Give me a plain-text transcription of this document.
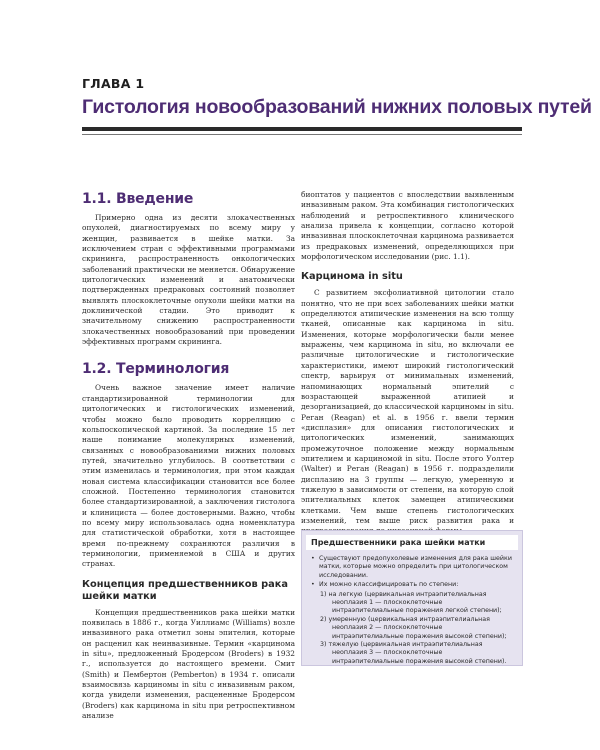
ГЛАВА 1
Гистология новообразований нижних половых путей
1.1. Введение

Примерно одна из десяти злокачественных опухолей, диагностируемых по всему миру у женщин, развивается в шейке матки. За исключением стран с эффективными программами скрининга, распространенность онкологических заболеваний практически не меняется. Обнаружение цитологических изменений и анатомически подтвержденных предраковых состояний позволяет выявлять плоскоклеточные опухоли шейки матки на доклинической стадии. Это приводит к значительному снижению распространенности злокачественных новообразований при проведении эффективных программ скрининга.

1.2. Терминология

Очень важное значение имеет наличие стандартизированной терминологии для цитологических и гистологических изменений, чтобы можно было проводить корреляцию с кольпоскопической картиной. За последние 15 лет наше понимание молекулярных изменений, связанных с новообразованиями нижних половых путей, значительно углубилось. В соответствии с этим изменилась и терминология, при этом каждая новая система классификации становится все более сложной. Постепенно терминология становится более стандартизированной, а заключения гистолога и клинициста — более достоверными. Важно, чтобы по всему миру использовалась одна номенклатура для статистической обработки, хотя в настоящее время по-прежнему сохраняются различия в терминологии, применяемой в США и других странах.

Концепция предшественников рака шейки матки

Концепция предшественников рака шейки матки появилась в 1886 г., когда Уиллиамс (Williams) возле инвазивного рака отметил зоны эпителия, которые он расценил как неинвазивные. Термин «карцинома in situ», предложенный Бродерсом (Broders) в 1932 г., используется до настоящего времени. Смит (Smith) и Пембертон (Pemberton) в 1934 г. описали взаимосвязь карциномы in situ с инвазивным раком, когда увидели изменения, расцененные Бродерсом (Broders) как карцинома in situ при ретроспективном анализе

биоптатов у пациентов с впоследствии выявленным инвазивным раком. Эта комбинация гистологических наблюдений и ретроспективного клинического анализа привела к концепции, согласно которой инвазивная плоскоклеточная карцинома развивается из предраковых изменений, определяющихся при морфологическом исследовании (рис. 1.1).

Карцинома in situ

С развитием эксфолиативной цитологии стало понятно, что не при всех заболеваниях шейки матки определяются атипические изменения на всю толщу тканей, описанные как карцинома in situ. Изменения, которые морфологически были менее выражены, чем карцинома in situ, но включали ее различные цитологические и гистологические характеристики, имеют широкий гистологический спектр, варьируя от минимальных изменений, напоминающих нормальный эпителий с возрастающей выраженной атипией и дезорганизацией, до классической карциномы in situ. Реган (Reagan) et al. в 1956 г. ввели термин «дисплазия» для описания гистологических и цитологических изменений, занимающих промежуточное положение между нормальным эпителием и карциномой in situ. После этого Уолтер (Walter) и Реган (Reagan) в 1956 г. подразделили дисплазию на 3 группы — легкую, умеренную и тяжелую в зависимости от степени, на которую слой эпителиальных клеток замещен атипическими клетками. Чем выше степень гистологических изменений, тем выше риск развития рака и

Предшественники рака шейки матки
• Существуют предопухолевые изменения для рака шейки матки, которые можно определить при цитологическом исследовании.
• Их можно классифицировать по степени:
1) на легкую (цервикальная интраэпителиальная неоплазия 1 — плоскоклеточные интраэпителиальные поражения легкой степени);
2) умеренную (цервикальная интраэпителиальная неоплазия 2 — плоскоклеточные интраэпителиальные поражения высокой степени);
3) тяжелую (цервикальная интраэпителиальная неоплазия 3 — плоскоклеточные интраэпителиальные поражения высокой степени).
